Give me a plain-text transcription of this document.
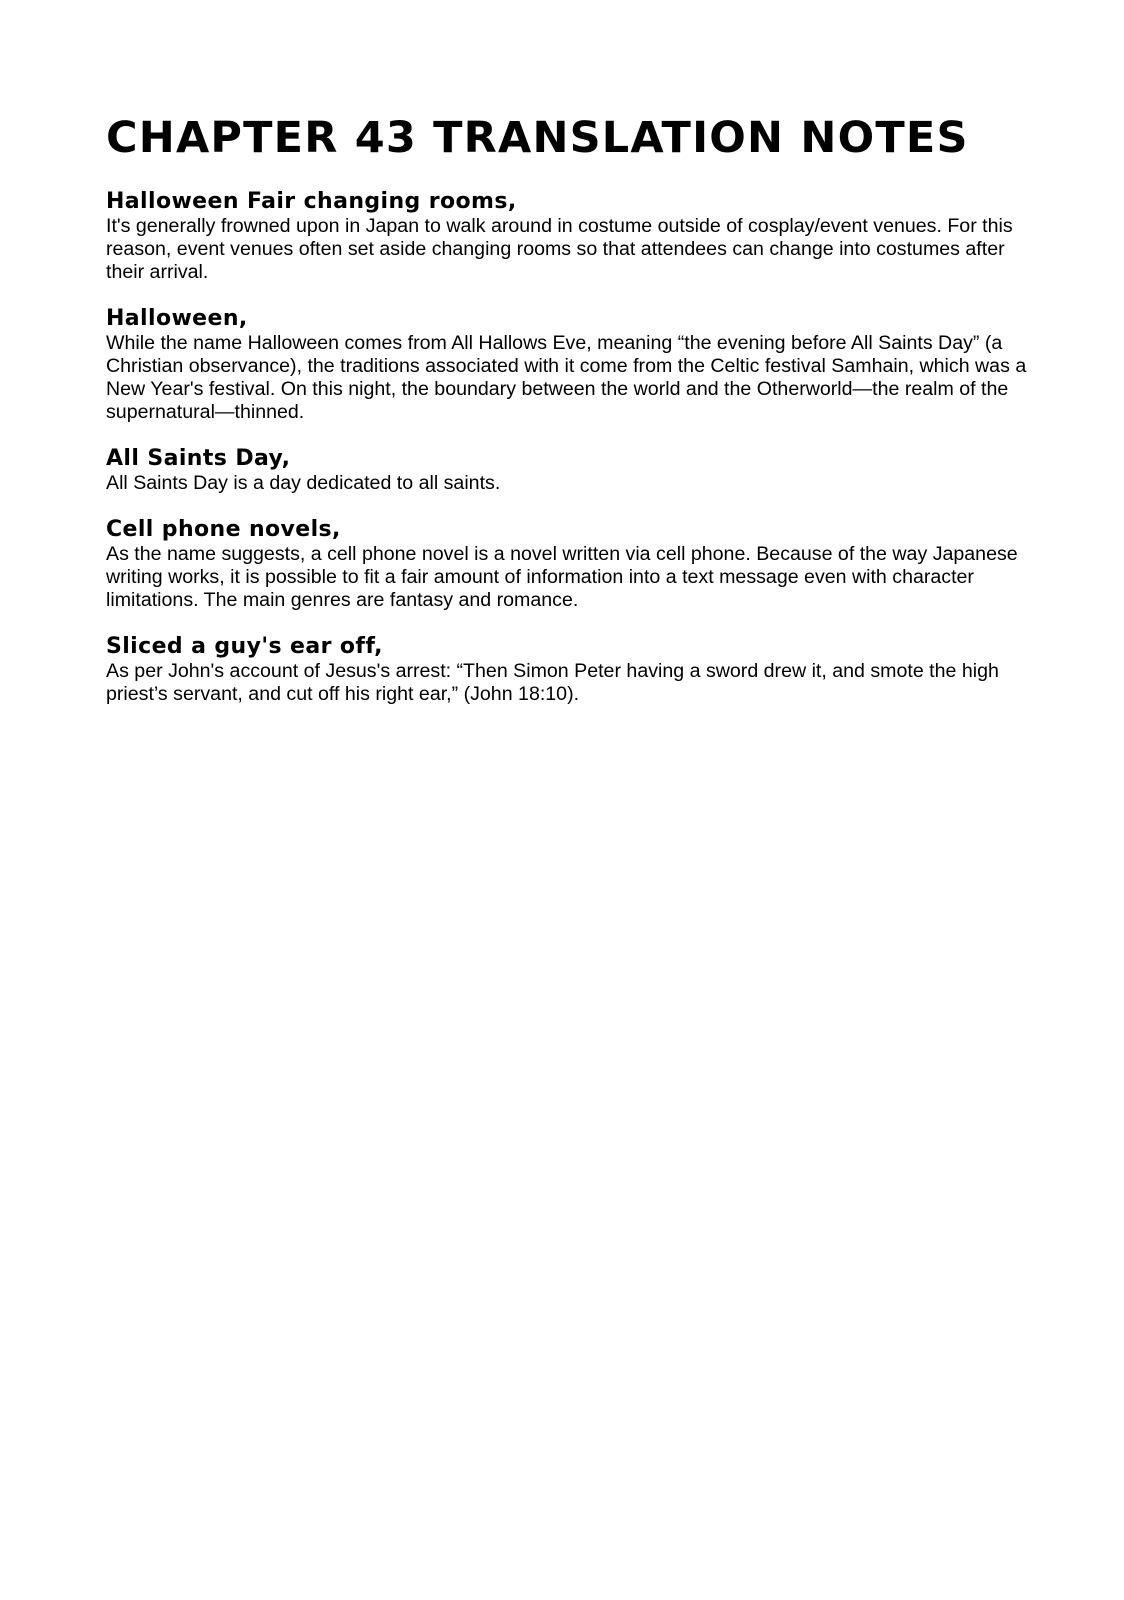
CHAPTER 43 TRANSLATION NOTES
Halloween Fair changing rooms,

It's generally frowned upon in Japan to walk around in costume outside of cosplay/event venues. For this reason, event venues often set aside changing rooms so that attendees can change into costumes after their arrival.

Halloween,

While the name Halloween comes from All Hallows Eve, meaning “the evening before All Saints Day” (a Christian observance), the traditions associated with it come from the Celtic festival Samhain, which was a New Year's festival. On this night, the boundary between the world and the Otherworld—the realm of the supernatural—thinned.

All Saints Day,

All Saints Day is a day dedicated to all saints.

Cell phone novels,

As the name suggests, a cell phone novel is a novel written via cell phone. Because of the way Japanese writing works, it is possible to fit a fair amount of information into a text message even with character limitations. The main genres are fantasy and romance.

Sliced a guy's ear off,

As per John's account of Jesus's arrest: “Then Simon Peter having a sword drew it, and smote the high priest’s servant, and cut off his right ear,” (John 18:10).
